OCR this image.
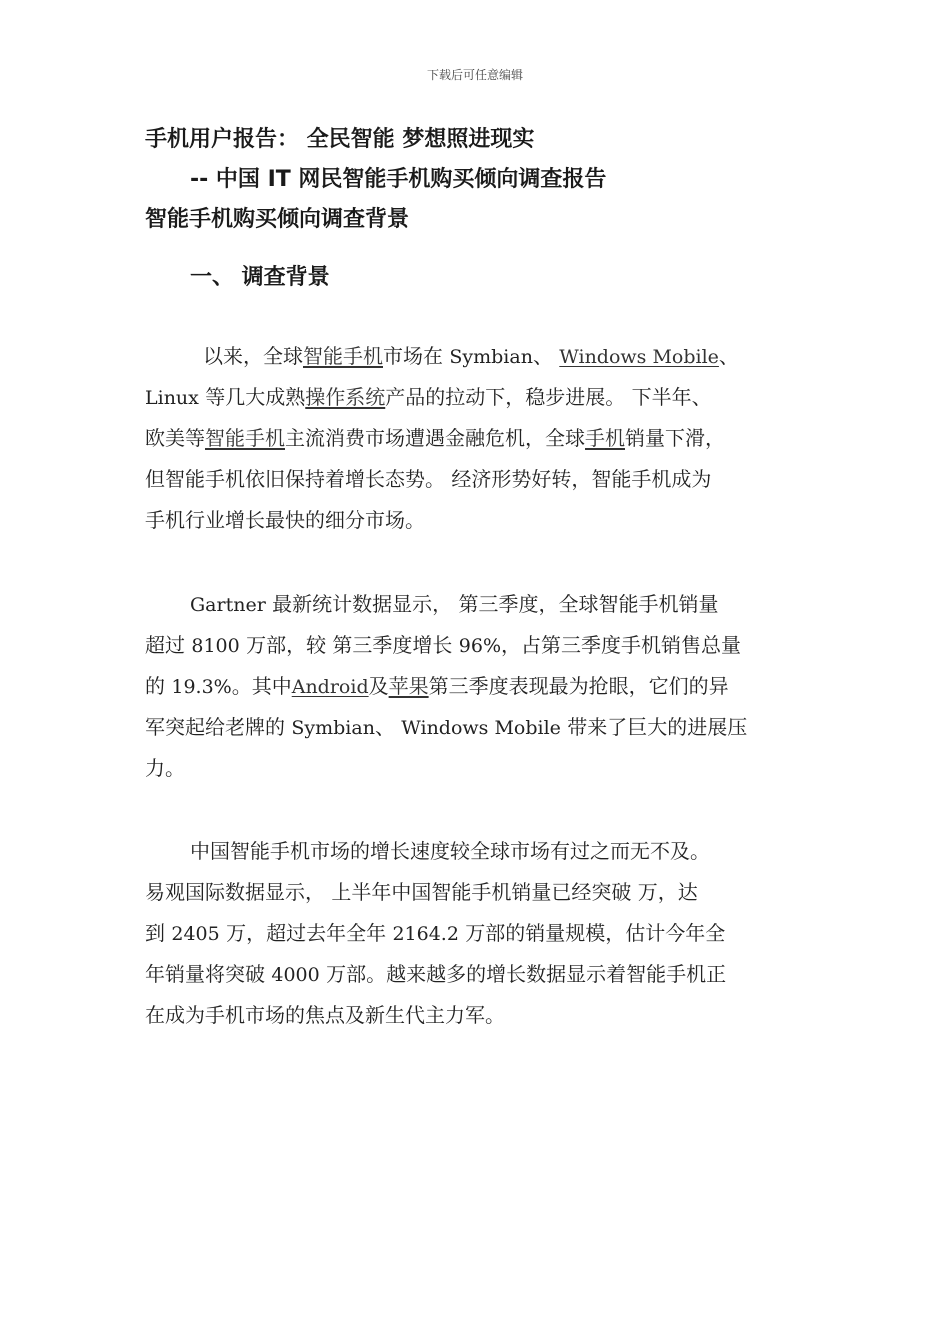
下载后可任意编辑
手机用户报告： 全民智能 梦想照进现实
-- 中国 IT 网民智能手机购买倾向调查报告
智能手机购买倾向调查背景
一、 调查背景
以来，全球智能手机市场在 Symbian、 Windows Mobile、
Linux 等几大成熟操作系统产品的拉动下，稳步进展。 下半年、
欧美等智能手机主流消费市场遭遇金融危机，全球手机销量下滑，
但智能手机依旧保持着增长态势。 经济形势好转，智能手机成为
手机行业增长最快的细分市场。
Gartner 最新统计数据显示， 第三季度，全球智能手机销量
超过 8100 万部，较 第三季度增长 96%，占第三季度手机销售总量
的 19.3%。其中Android及苹果第三季度表现最为抢眼，它们的异
军突起给老牌的 Symbian、 Windows Mobile 带来了巨大的进展压
力。
中国智能手机市场的增长速度较全球市场有过之而无不及。
易观国际数据显示， 上半年中国智能手机销量已经突破 万，达
到 2405 万，超过去年全年 2164.2 万部的销量规模，估计今年全
年销量将突破 4000 万部。越来越多的增长数据显示着智能手机正
在成为手机市场的焦点及新生代主力军。
